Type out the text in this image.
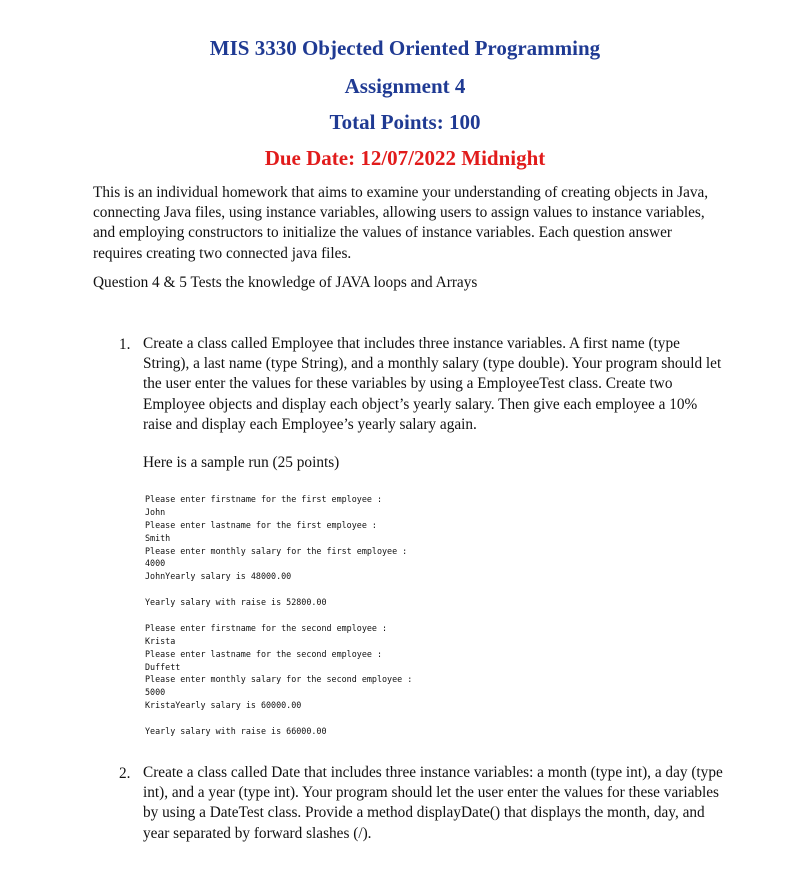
MIS 3330 Objected Oriented Programming
Assignment 4
Total Points: 100
Due Date: 12/07/2022 Midnight

This is an individual homework that aims to examine your understanding of creating objects in Java, connecting Java files, using instance variables, allowing users to assign values to instance variables, and employing constructors to initialize the values of instance variables. Each question answer requires creating two connected java files.

Question 4 & 5 Tests the knowledge of JAVA loops and Arrays

1. Create a class called Employee that includes three instance variables. A first name (type String), a last name (type String), and a monthly salary (type double). Your program should let the user enter the values for these variables by using a EmployeeTest class. Create two Employee objects and display each object’s yearly salary. Then give each employee a 10% raise and display each Employee’s yearly salary again.

Here is a sample run (25 points)
Please enter firstname for the first employee :
John
Please enter lastname for the first employee :
Smith
Please enter monthly salary for the first employee :
4000
JohnYearly salary is 48000.00
Yearly salary with raise is 52800.00
Please enter firstname for the second employee :
Krista
Please enter lastname for the second employee :
Duffett
Please enter monthly salary for the second employee :
5000
KristaYearly salary is 60000.00
Yearly salary with raise is 66000.00
2. Create a class called Date that includes three instance variables: a month (type int), a day (type int), and a year (type int). Your program should let the user enter the values for these variables by using a DateTest class. Provide a method displayDate() that displays the month, day, and year separated by forward slashes (/).
